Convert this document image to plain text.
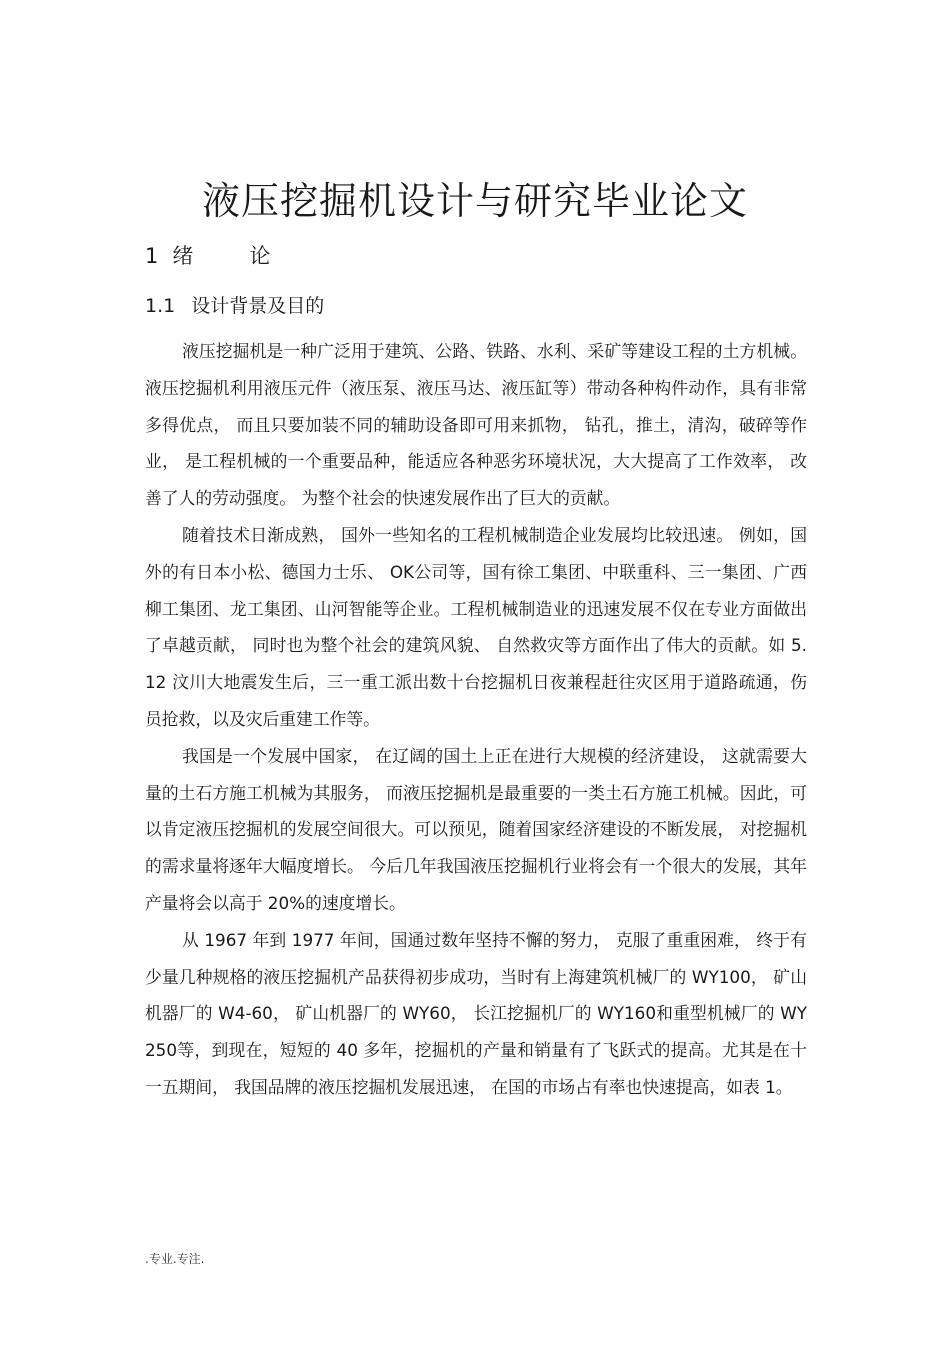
液压挖掘机设计与研究毕业论文
1 绪论
1.1 设计背景及目的

液压挖掘机是一种广泛用于建筑、公路、铁路、水利、采矿等建设工程的土方机械。液压挖掘机利用液压元件（液压泵、液压马达、液压缸等）带动各种构件动作，具有非常多得优点， 而且只要加装不同的辅助设备即可用来抓物， 钻孔，推土，清沟，破碎等作业， 是工程机械的一个重要品种，能适应各种恶劣环境状况，大大提高了工作效率， 改善了人的劳动强度。 为整个社会的快速发展作出了巨大的贡献。

随着技术日渐成熟， 国外一些知名的工程机械制造企业发展均比较迅速。 例如，国外的有日本小松、德国力士乐、 OK公司等，国有徐工集团、中联重科、三一集团、广西柳工集团、龙工集团、山河智能等企业。工程机械制造业的迅速发展不仅在专业方面做出了卓越贡献， 同时也为整个社会的建筑风貌、 自然救灾等方面作出了伟大的贡献。如 5.12 汶川大地震发生后，三一重工派出数十台挖掘机日夜兼程赶往灾区用于道路疏通，伤员抢救，以及灾后重建工作等。

我国是一个发展中国家， 在辽阔的国土上正在进行大规模的经济建设， 这就需要大量的土石方施工机械为其服务， 而液压挖掘机是最重要的一类土石方施工机械。因此，可以肯定液压挖掘机的发展空间很大。可以预见，随着国家经济建设的不断发展， 对挖掘机的需求量将逐年大幅度增长。 今后几年我国液压挖掘机行业将会有一个很大的发展，其年产量将会以高于 20%的速度增长。

从 1967 年到 1977 年间，国通过数年坚持不懈的努力， 克服了重重困难， 终于有少量几种规格的液压挖掘机产品获得初步成功，当时有上海建筑机械厂的 WY100， 矿山机器厂的 W4-60， 矿山机器厂的 WY60， 长江挖掘机厂的 WY160和重型机械厂的 WY250等，到现在，短短的 40 多年，挖掘机的产量和销量有了飞跃式的提高。尤其是在十一五期间， 我国品牌的液压挖掘机发展迅速， 在国的市场占有率也快速提高，如表 1。

.专业.专注.
